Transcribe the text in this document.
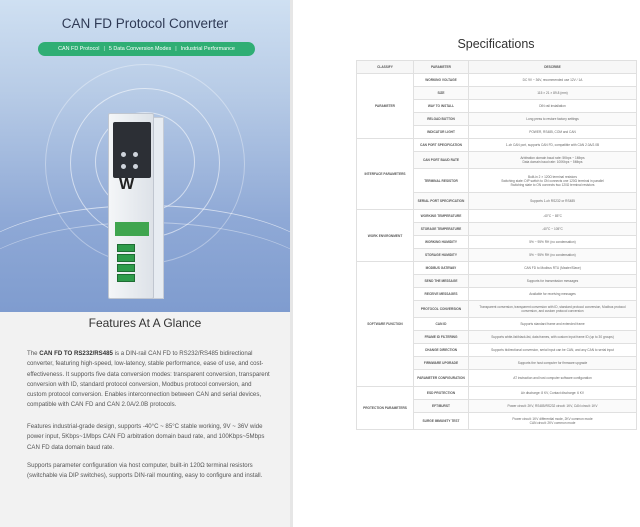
CAN FD Protocol Converter
CAN FD Protocol | 5 Data Conversion Modes | Industrial Performance
W
Features At A Glance
The CAN FD TO RS232/RS485 is a DIN-rail CAN FD to RS232/RS485 bidirectional converter, featuring high-speed, low-latency, stable performance, ease of use, and cost-effectiveness. It supports five data conversion modes: transparent conversion, transparent conversion with ID, standard protocol conversion, Modbus protocol conversion, and custom protocol conversion. Enables interconnection between CAN and serial devices, compatible with CAN FD and CAN 2.0A/2.0B protocols.
Features industrial-grade design, supports -40°C ~ 85°C stable working, 9V ~ 36V wide power input, 5Kbps~1Mbps CAN FD arbitration domain baud rate, and 100Kbps~5Mbps CAN FD data domain baud rate.
Supports parameter configuration via host computer, built-in 120Ω terminal resistors (switchable via DIP switches), supports DIN-rail mounting, easy to configure and install.
Specifications
CLASSIFY	PARAMETER	DESCRIBE
PARAMETER	WORKING VOLTAGE	DC 9V ~ 36V, recommended use 12V / 1A
	SIZE	115 × 21 × 89.8 (mm)
	WAY TO INSTALL	DIN rail installation
	RELOAD BUTTON	Long press to restore factory settings
	INDICATOR LIGHT	POWER, RS485, COM and CAN
INTERFACE PARAMETERS	CAN PORT SPECIFICATION	1-ch CAN port, supports CAN FD, compatible with CAN 2.0A/2.0B
	CAN PORT BAUD RATE	Arbitration domain baud rate: 5Kbps ~ 1Mbps
Data domain baud rate: 100Kbps ~ 5Mbps
	TERMINAL RESISTOR	Built-in 2 × 120Ω terminal resistors
Switching state: DIP switch to ON connects one 120Ω terminal in parallel
Switching state to ON connects two 120Ω terminal resistors
	SERIAL PORT SPECIFICATION	Supports 1-ch RS232 or RS485
WORK ENVIRONMENT	WORKING TEMPERATURE	-40°C ~ 85°C
	STORAGE TEMPERATURE	-40°C ~ 105°C
	WORKING HUMIDITY	5% ~ 95% RH (no condensation)
	STORAGE HUMIDITY	5% ~ 95% RH (no condensation)
SOFTWARE FUNCTION	MODBUS GATEWAY	CAN FD to Modbus RTU (Master/Slave)
	SEND THE MESSAGE	Supports for transmission messages
	RECEIVE MESSAGES	Available for receiving messages
	PROTOCOL CONVERSION	Transparent conversion, transparent conversion with ID, standard protocol conversion, Modbus protocol conversion, and custom protocol conversion
	CAN ID	Supports standard frame and extended frame
	FRAME ID FILTERING	Supports white-list/black-list, data frames, with custom input frame ID (up to 30 groups)
	CHANGE DIRECTION	Supports bidirectional conversion, serial input can be CAN, and any CAN to serial input
	FIRMWARE UPGRADE	Supports the host computer for firmware upgrade
	PARAMETER CONFIGURATION	AT instruction and host computer software configuration
PROTECTION PARAMETERS	ESD PROTECTION	Air discharge: 8 KV, Contact discharge: 6 KV
	EFT/BURST	Power circuit: 2KV, RS485/RS232 circuit: 1KV, CAN circuit: 1KV
	SURGE IMMUNITY TEST	Power circuit: 1KV differential mode, 2KV common mode
CAN circuit: 2KV common mode
